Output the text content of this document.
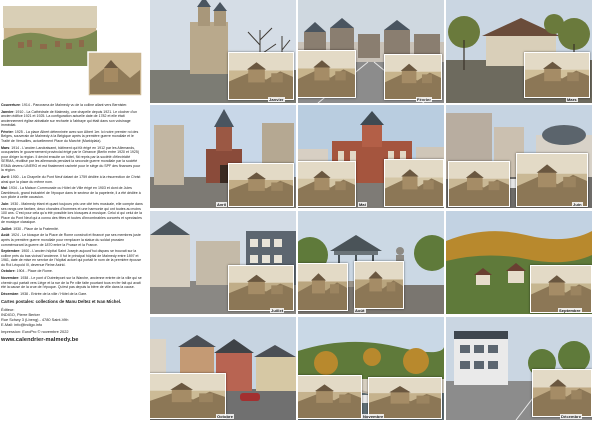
Couverture: 1914 - Panorama de Malmedy vu de la colline allant vers Bernister.
Janvier: 1910 - La Cathédrale de Malmedy, une chapelle depuis 1921. Le clocher d'un ancien édifice 1921 et 1925. La configuration actuelle date de 1782 et elle était anciennement église abbatiale sur recharte à l'abbaye qui était dans son voisinage immédiat.
Février: 1925 - La place Albert détenninée avec son Albert 1er. Ici notre premier roi des Belges, souverain de Malmedy à la Belgique après la première guerre mondiale et le Traité de Versailles, actuellement Place du Marché (Marktplatz).
Mars: 1914 - L'ancien Landratsamt, bâtiment qui fût érigé en 1912 par les Allemands, occupantes le gouvernement provincial érigé par le Gérance (Berlin entre 1920 et 1925) pour diriger la région. Il devint ensuite un hôtel, fût repris par la société d'électricité SERMA, réutilisé par les allemands pendant la seconde guerre mondiale par la société ESMA devenu UNERG et est finalement racheté pour le siège du SPF des finances pour la région.
Avril: 1900 - La Chapelle du Pont Neuf datant de 1759 dédiée à la résurrection de Christ ainsi que la place du même nom.
Mai: 1934 - La Maison Communale ou Hôtel de Ville érigé en 1903 et dont de Jules Dambleuck, grand industriel de l'époque dans le secteur de la papeterie, il a été dédiée à son pilote à cette occasion.
Juin: 1930 - Malmedy étant et quant toujours pris une cité très musicale, elle compte dans ses rangs une fanfare, deux chorales d'hommes et une harmonie qui ont toutes au moins 100 ans. C'est pour cela qu'a été possible lors kiosques à musique. Celui ci qui celui de la Place du Pont Neuf qui a connu des fêtes et toutes d'innombrables concerts et spectacles de musique classique.
Juillet: 1930 - Place de la Fraternité.
Août: 1924 - Le kiosque de la Place de Rome construit et financé par ses membres juste après la première guerre mondiale pour remplacer la statue du soldat prussien commémorant la guerre de 1870 entre la Prusse et la France.
Septembre: 1900 - L'ancien hôpital Saint Joseph aujourd'hui disparu se trouvait sur la colline près du bas vicinal l'ancienne. Il fut le principal hôpital de Malmedy entre 1897 et 1961, date de mise en service de l'hôpital actuel qui portait le nom de la première épouse du Roi Léopold III, devenue Reine Astrid.
Octobre: 1904 - Place de Rome.
Novembre: 1938 - Le pont d'Outrelepont sur la Warche, ancienne entrée de la ville qui se chemin qui partait vers Liège et la rue de la Pe ville faite pourtant tous en fer fait qui avait été la cause de la crue de l'époque. Qu'est pas depuis la bière de ville dans la cause.
Décembre: 1938 - Entrée de la ville / Hôtel de la Gare.
Cartes postales: collections de Manu Deltez et Ivan Michel.
Éditeur:
INDIGO, Pierre Berker
Rue Schwy 3 (Lbeng) - 4780 Saint-Vith
E-Mail: info@indigo.info
Impression: EuroPro © novembre 2022
www.calendrier-malmedy.be
Janvier	Février	Mars
Avril	Mai	Juin
Juillet	Août	Septembre
Octobre	Novembre	Décembre
